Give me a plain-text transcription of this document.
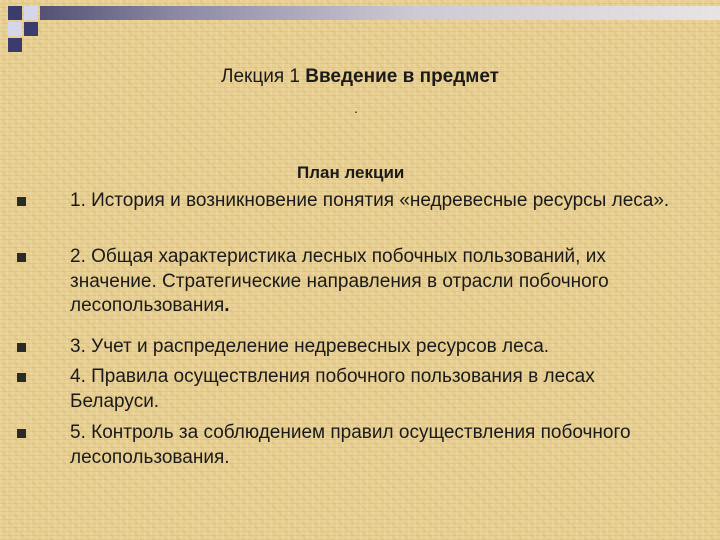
Лекция 1 Введение в предмет
.
План лекции
1. История и возникновение понятия «недревесные ресурсы леса».
2. Общая характеристика лесных побочных пользований, их значение. Стратегические направления в отрасли побочного лесопользования.
3. Учет и распределение недревесных ресурсов леса.
4. Правила осуществления побочного пользования в лесах Беларуси.
5. Контроль за соблюдением правил осуществления побочного лесопользования.
